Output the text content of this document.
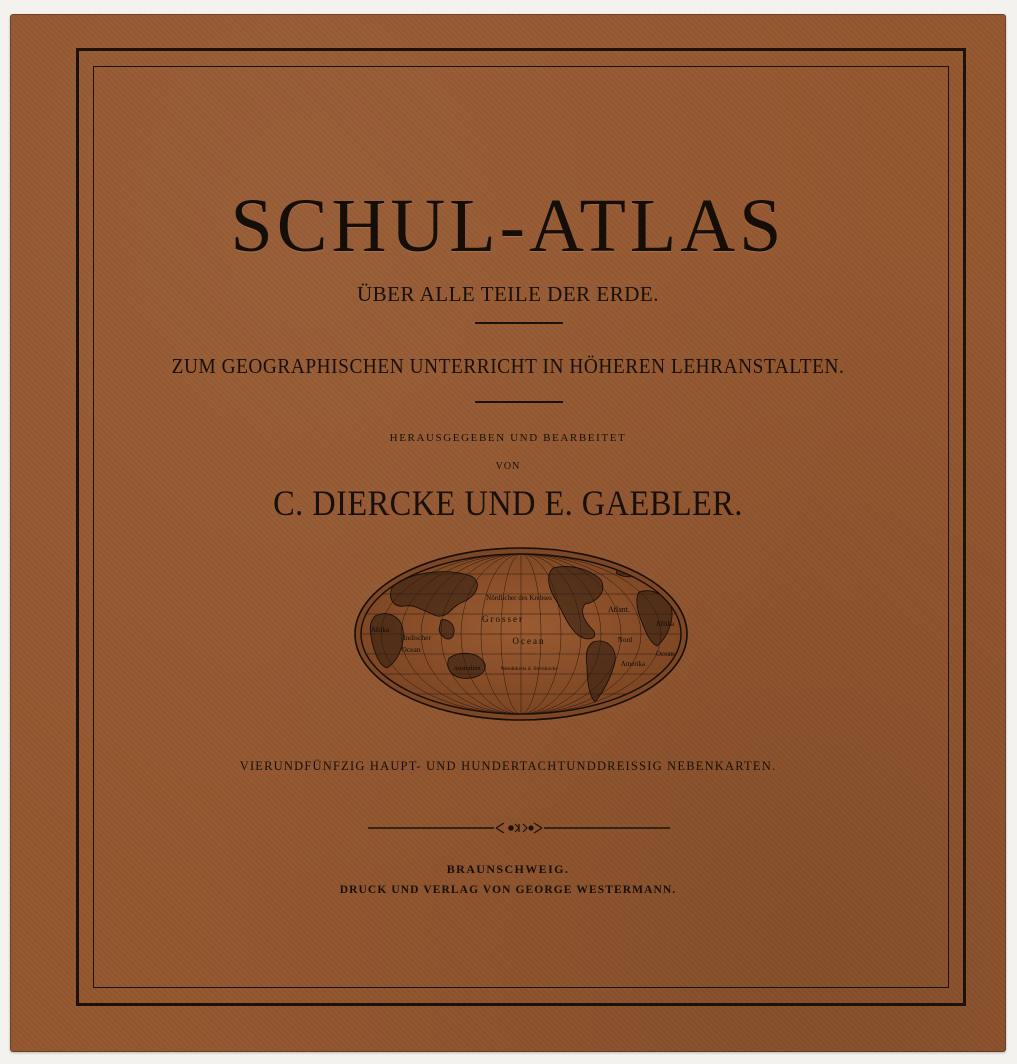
SCHUL-ATLAS
ÜBER ALLE TEILE DER ERDE.
ZUM GEOGRAPHISCHEN UNTERRICHT IN HÖHEREN LEHRANSTALTEN.
HERAUSGEGEBEN UND BEARBEITET
VON
C. DIERCKE UND E. GAEBLER.
Nördlicher des Krebses
Grosser
Ocean
Atlant.
Afrika
Afrika
Indischer
Ocean
Australien
Amerika
Ocean
Nord
Wendekreis d. Steinbocks
VIERUNDFÜNFZIG HAUPT- UND HUNDERTACHTUNDDREISSIG NEBENKARTEN.
BRAUNSCHWEIG.
DRUCK UND VERLAG VON GEORGE WESTERMANN.
